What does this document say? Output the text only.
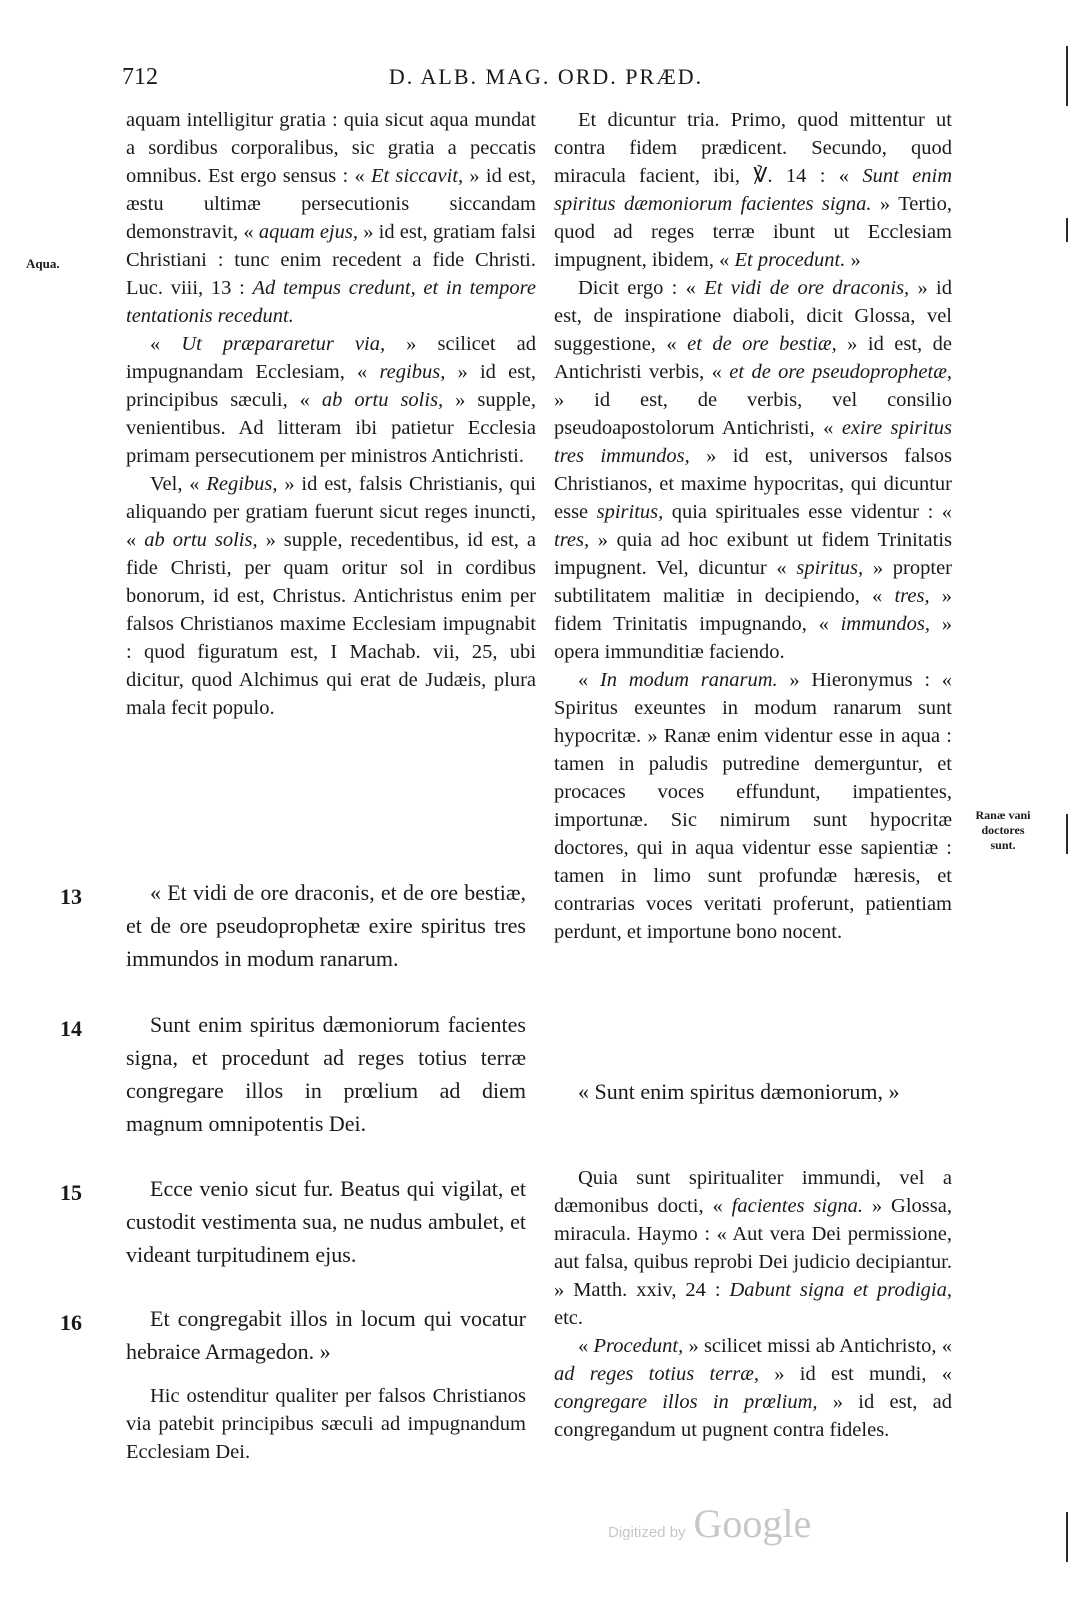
712	D. ALB. MAG. ORD. PRÆD.
Aqua.
Ranæ vani
doctores
sunt.

aquam intelligitur gratia : quia sicut aqua mundat a sordibus corporalibus, sic gratia a peccatis omnibus. Est ergo sensus : « Et siccavit, » id est, æstu ultimæ persecutionis siccandam demonstravit, « aquam ejus, » id est, gratiam falsi Christiani : tunc enim recedent a fide Christi. Luc. viii, 13 : Ad tempus credunt, et in tempore tentationis recedunt.

« Ut præpararetur via, » scilicet ad impugnandam Ecclesiam, « regibus, » id est, principibus sæculi, « ab ortu solis, » supple, venientibus. Ad litteram ibi patietur Ecclesia primam persecutionem per ministros Antichristi.

Vel, « Regibus, » id est, falsis Christianis, qui aliquando per gratiam fuerunt sicut reges inuncti, « ab ortu solis, » supple, recedentibus, id est, a fide Christi, per quam oritur sol in cordibus bonorum, id est, Christus. Antichristus enim per falsos Christianos maxime Ecclesiam impugnabit : quod figuratum est, I Machab. vii, 25, ubi dicitur, quod Alchimus qui erat de Judæis, plura mala fecit populo.

13	« Et vidi de ore draconis, et de ore bestiæ, et de ore pseudoprophetæ exire spiritus tres immundos in modum ranarum.
14	Sunt enim spiritus dæmoniorum facientes signa, et procedunt ad reges totius terræ congregare illos in prœlium ad diem magnum omnipotentis Dei.
15	Ecce venio sicut fur. Beatus qui vigilat, et custodit vestimenta sua, ne nudus ambulet, et videant turpitudinem ejus.
16	Et congregabit illos in locum qui vocatur hebraice Armagedon. »
Hic ostenditur qualiter per falsos Christianos via patebit principibus sæculi ad impugnandum Ecclesiam Dei.

Et dicuntur tria. Primo, quod mittentur ut contra fidem prædicent. Secundo, quod miracula facient, ibi, ℣. 14 : « Sunt enim spiritus dæmoniorum facientes signa. » Tertio, quod ad reges terræ ibunt ut Ecclesiam impugnent, ibidem, « Et procedunt. »

Dicit ergo : « Et vidi de ore draconis, » id est, de inspiratione diaboli, dicit Glossa, vel suggestione, « et de ore bestiæ, » id est, de Antichristi verbis, « et de ore pseudoprophetæ, » id est, de verbis, vel consilio pseudoapostolorum Antichristi, « exire spiritus tres immundos, » id est, universos falsos Christianos, et maxime hypocritas, qui dicuntur esse spiritus, quia spirituales esse videntur : « tres, » quia ad hoc exibunt ut fidem Trinitatis impugnent. Vel, dicuntur « spiritus, » propter subtilitatem malitiæ in decipiendo, « tres, » fidem Trinitatis impugnando, « immundos, » opera immunditiæ faciendo.

« In modum ranarum. » Hieronymus : « Spiritus exeuntes in modum ranarum sunt hypocritæ. » Ranæ enim videntur esse in aqua : tamen in paludis putredine demerguntur, et procaces voces effundunt, impatientes, importunæ. Sic nimirum sunt hypocritæ doctores, qui in aqua videntur esse sapientiæ : tamen in limo sunt profundæ hæresis, et contrarias voces veritati proferunt, patientiam perdunt, et importune bono nocent.

« Sunt enim spiritus dæmoniorum, »

Quia sunt spiritualiter immundi, vel a dæmonibus docti, « facientes signa. » Glossa, miracula. Haymo : « Aut vera Dei permissione, aut falsa, quibus reprobi Dei judicio decipiantur. » Matth. xxiv, 24 : Dabunt signa et prodigia, etc.

« Procedunt, » scilicet missi ab Antichristo, « ad reges totius terræ, » id est mundi, « congregare illos in prœlium, » id est, ad congregandum ut pugnent contra fideles.

Digitized by Google
